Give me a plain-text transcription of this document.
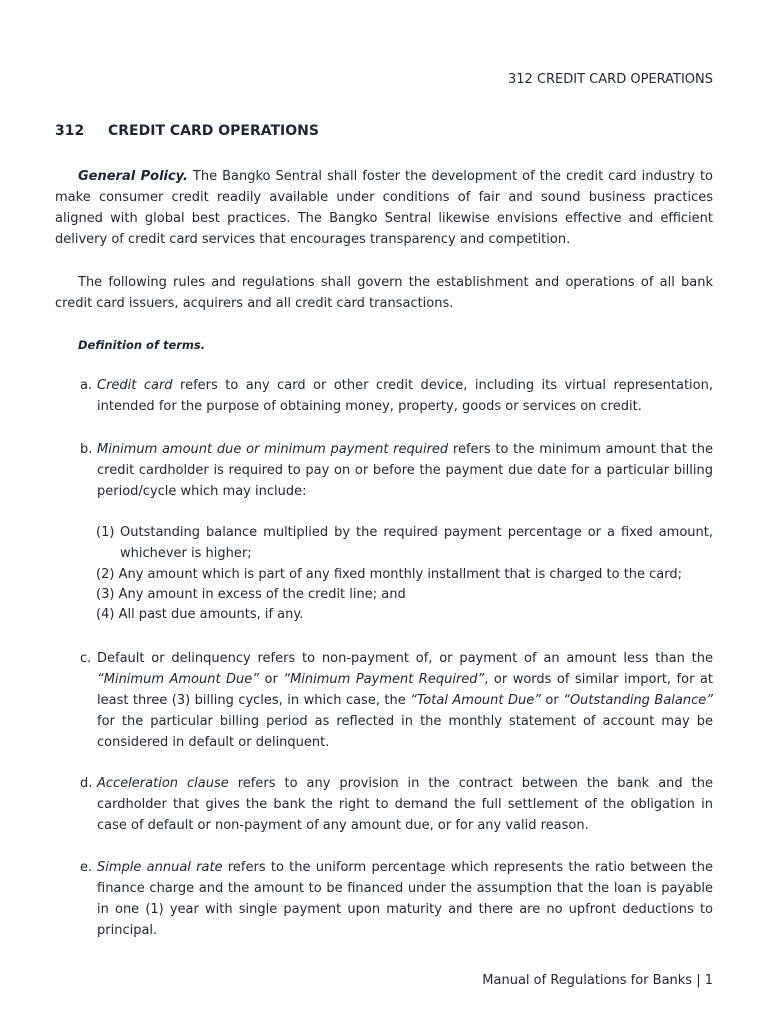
312 CREDIT CARD OPERATIONS
312 CREDIT CARD OPERATIONS

General Policy. The Bangko Sentral shall foster the development of the credit card industry to make consumer credit readily available under conditions of fair and sound business practices aligned with global best practices. The Bangko Sentral likewise envisions effective and efficient delivery of credit card services that encourages transparency and competition.

The following rules and regulations shall govern the establishment and operations of all bank credit card issuers, acquirers and all credit card transactions.

Definition of terms.
a. Credit card refers to any card or other credit device, including its virtual representation, intended for the purpose of obtaining money, property, goods or services on credit.
b. Minimum amount due or minimum payment required refers to the minimum amount that the credit cardholder is required to pay on or before the payment due date for a particular billing period/cycle which may include:
(1) Outstanding balance multiplied by the required payment percentage or a fixed amount, whichever is higher;
(2) Any amount which is part of any fixed monthly installment that is charged to the card;
(3) Any amount in excess of the credit line; and
(4) All past due amounts, if any.
c. Default or delinquency refers to non-payment of, or payment of an amount less than the “Minimum Amount Due” or “Minimum Payment Required”, or words of similar import, for at least three (3) billing cycles, in which case, the “Total Amount Due” or “Outstanding Balance” for the particular billing period as reflected in the monthly statement of account may be considered in default or delinquent.
d. Acceleration clause refers to any provision in the contract between the bank and the cardholder that gives the bank the right to demand the full settlement of the obligation in case of default or non-payment of any amount due, or for any valid reason.
e. Simple annual rate refers to the uniform percentage which represents the ratio between the finance charge and the amount to be financed under the assumption that the loan is payable in one (1) year with single payment upon maturity and there are no upfront deductions to principal.
Manual of Regulations for Banks | 1
